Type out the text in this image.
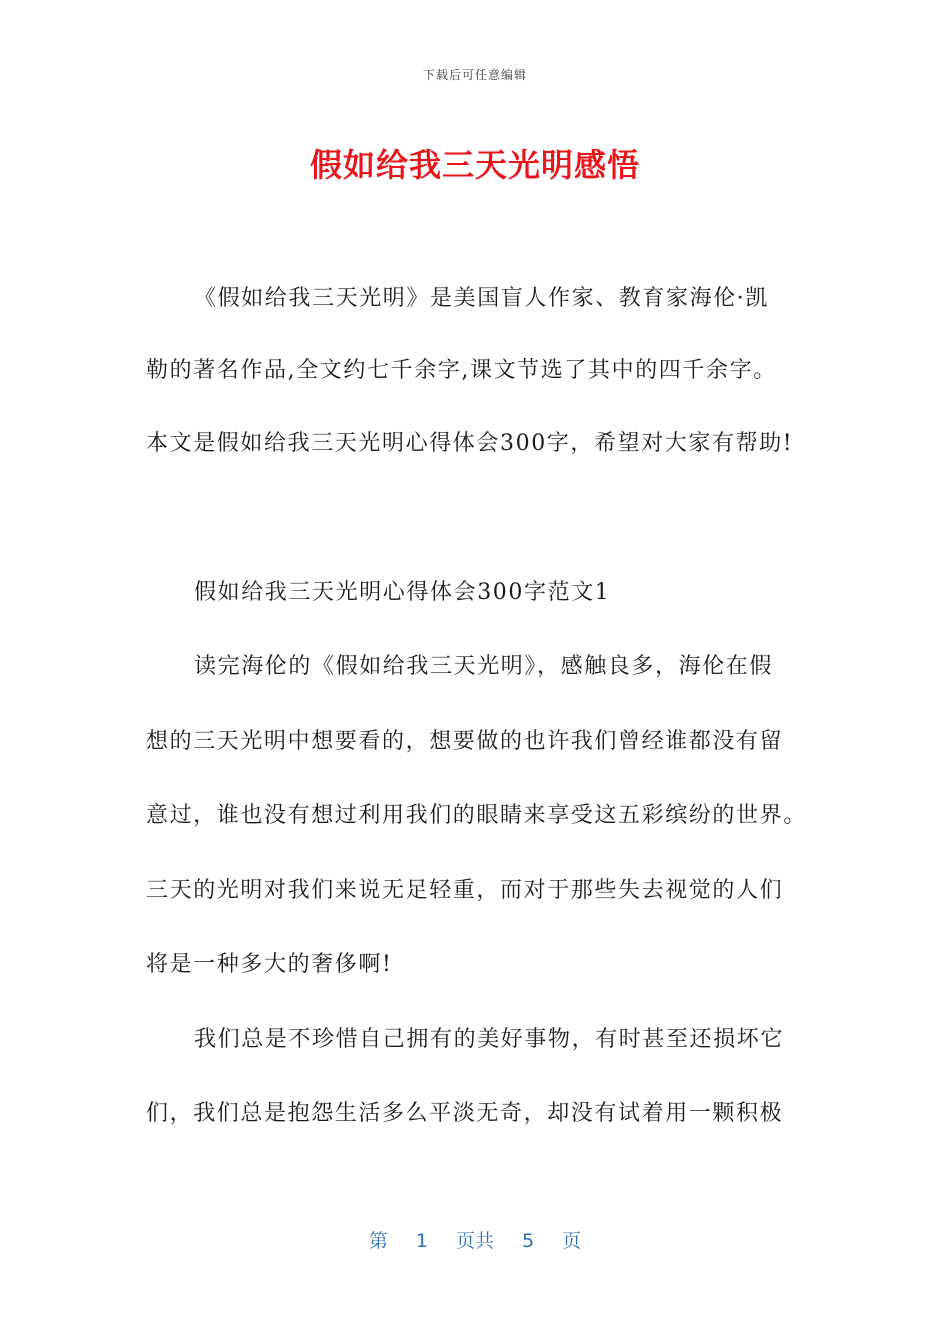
下载后可任意编辑
假如给我三天光明感悟
《假如给我三天光明》是美国盲人作家、教育家海伦·凯
勒的著名作品,全文约七千余字,课文节选了其中的四千余字。
本文是假如给我三天光明心得体会300字，希望对大家有帮助!
假如给我三天光明心得体会300字范文1
读完海伦的《假如给我三天光明》，感触良多，海伦在假
想的三天光明中想要看的，想要做的也许我们曾经谁都没有留
意过，谁也没有想过利用我们的眼睛来享受这五彩缤纷的世界。
三天的光明对我们来说无足轻重，而对于那些失去视觉的人们
将是一种多大的奢侈啊!
我们总是不珍惜自己拥有的美好事物，有时甚至还损坏它
们，我们总是抱怨生活多么平淡无奇，却没有试着用一颗积极
第 1 页共 5 页
